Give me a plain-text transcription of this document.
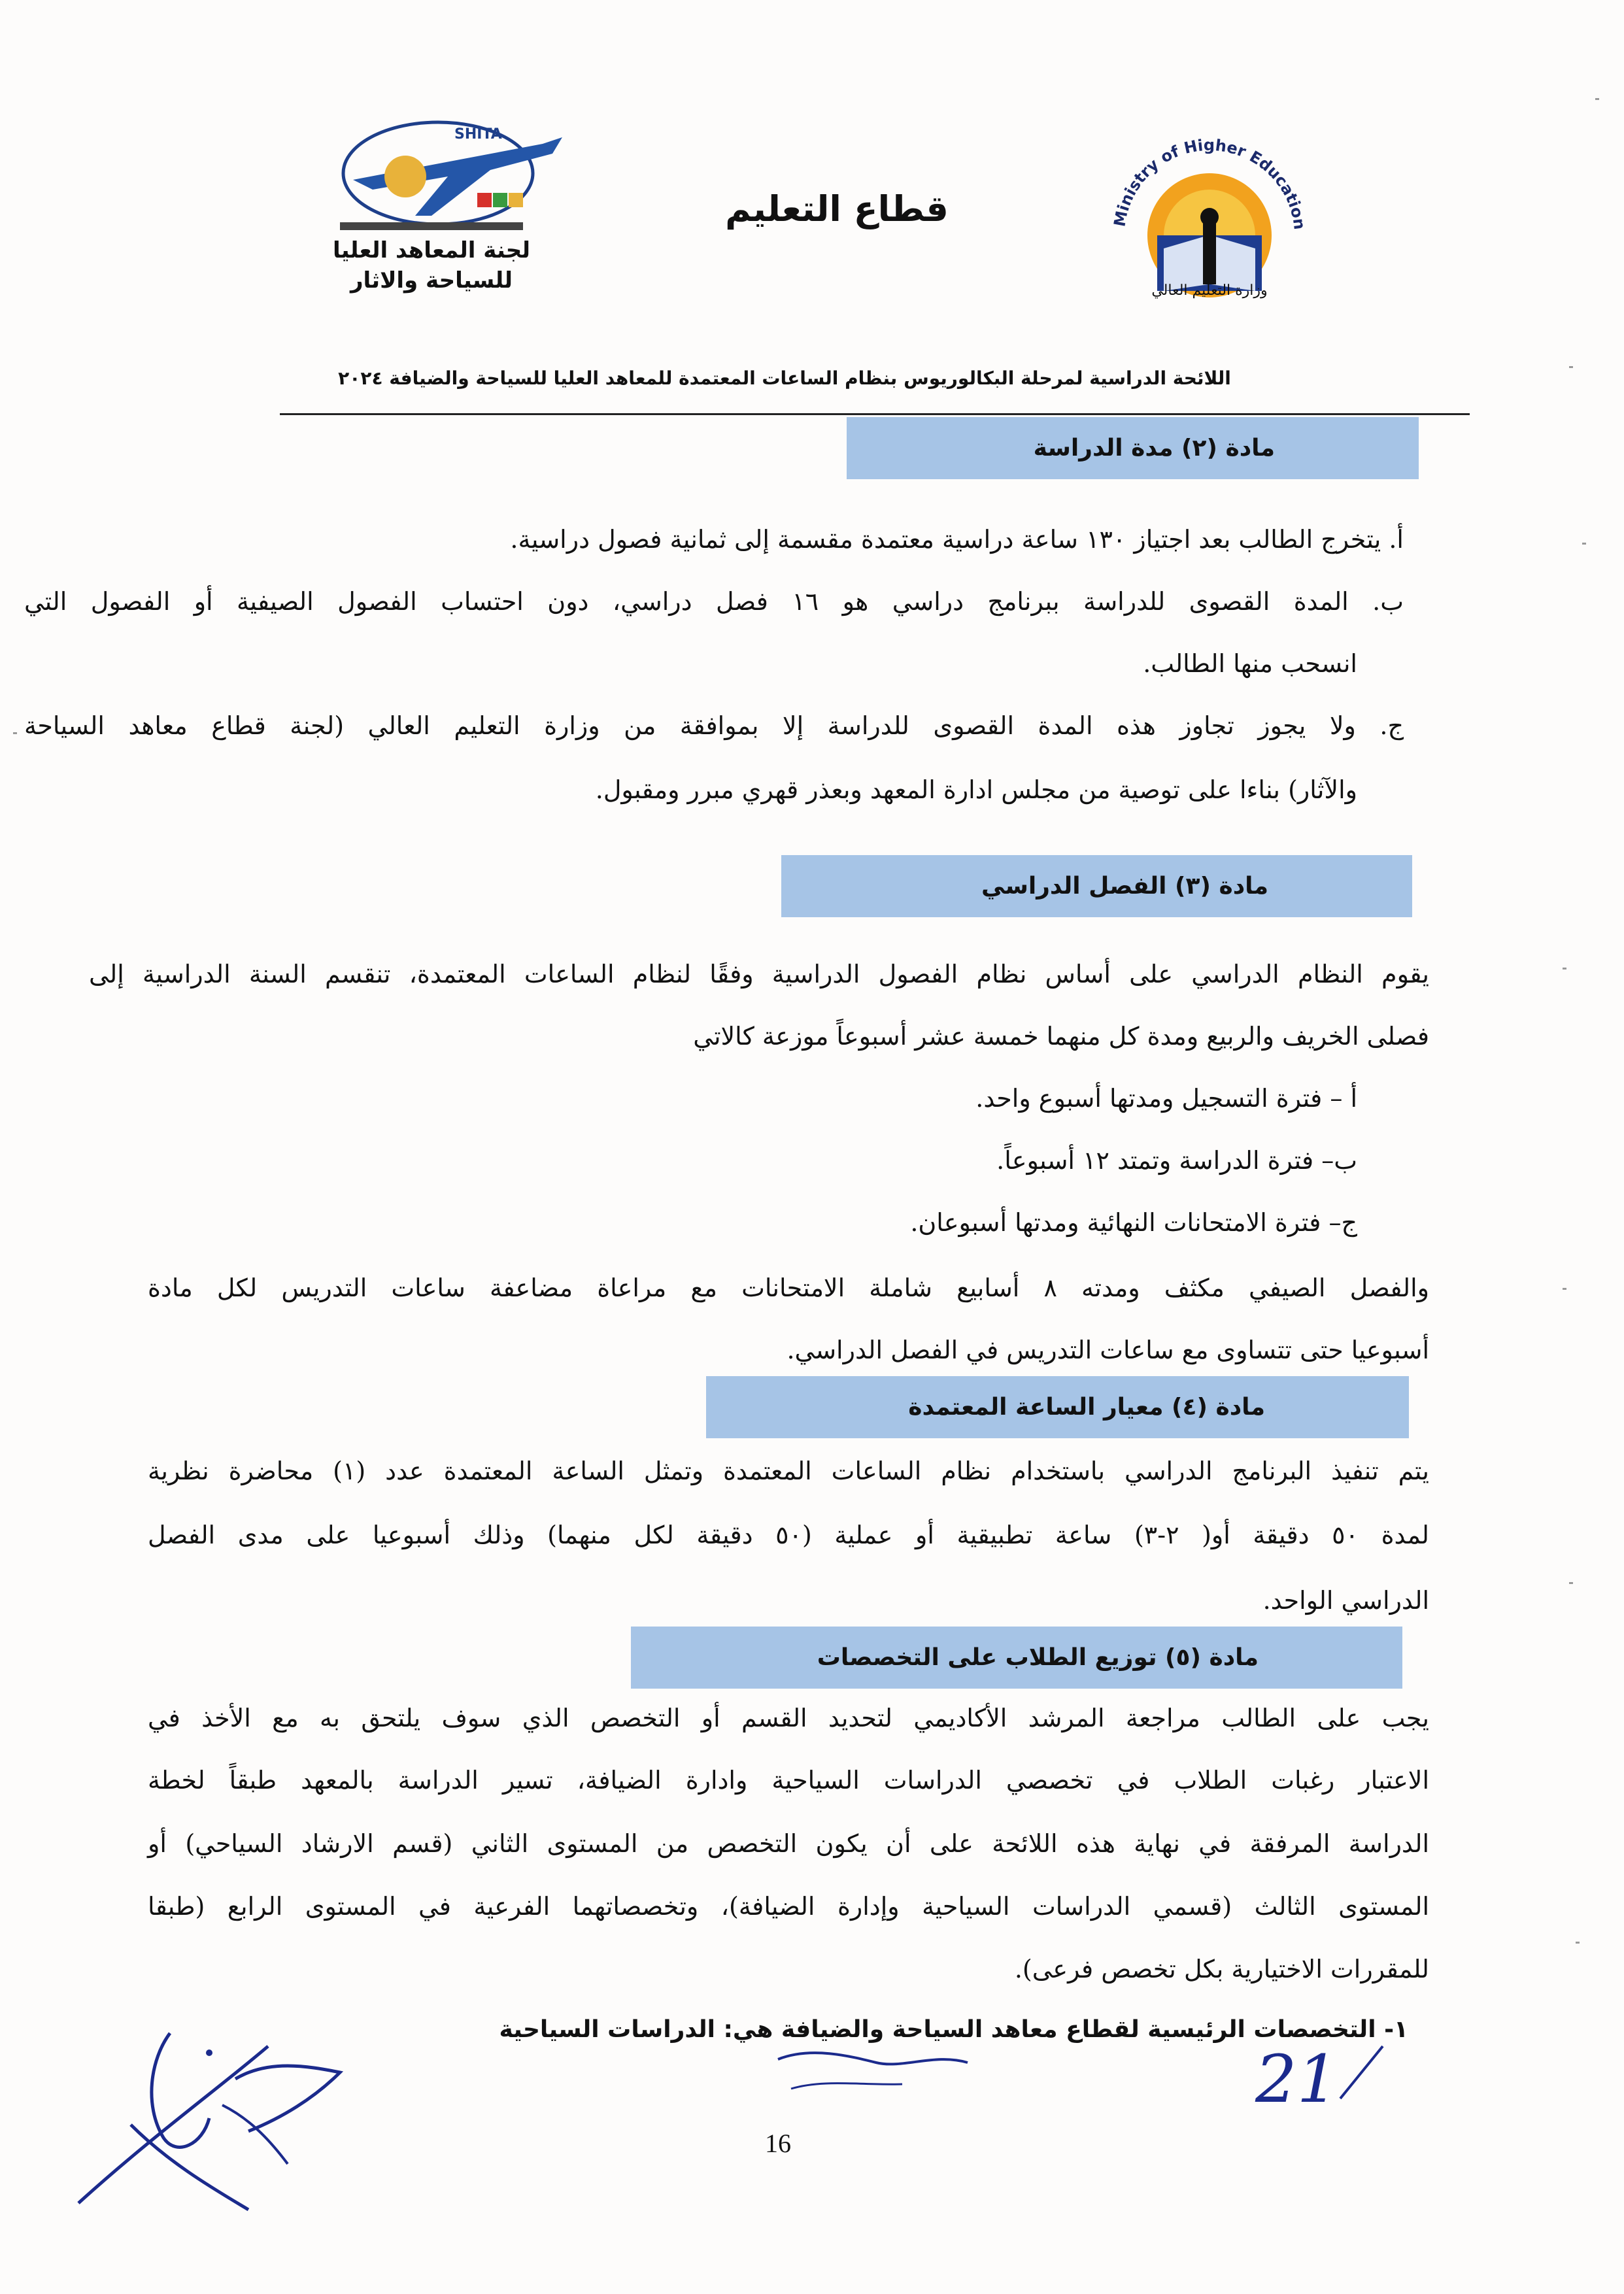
Ministry of Higher Education
وزارة التعليم العالي
قطاع التعليم
SHITA
لجنة المعاهد العليا
للسياحة والاثار
اللائحة الدراسية لمرحلة البكالوريوس بنظام الساعات المعتمدة للمعاهد العليا للسياحة والضيافة ٢٠٢٤
مادة (٢) مدة الدراسة
أ. يتخرج الطالب بعد اجتياز ١٣٠ ساعة دراسية معتمدة مقسمة إلى ثمانية فصول دراسية.
ب. المدة القصوى للدراسة ببرنامج دراسي هو ١٦ فصل دراسي، دون احتساب الفصول الصيفية أو الفصول التي
انسحب منها الطالب.
ج. ولا يجوز تجاوز هذه المدة القصوى للدراسة إلا بموافقة من وزارة التعليم العالي (لجنة قطاع معاهد السياحة
والآثار) بناءا على توصية من مجلس ادارة المعهد وبعذر قهري مبرر ومقبول.
مادة (٣) الفصل الدراسي
يقوم النظام الدراسي على أساس نظام الفصول الدراسية وفقًا لنظام الساعات المعتمدة، تنقسم السنة الدراسية إلى
فصلى الخريف والربيع ومدة كل منهما خمسة عشر أسبوعاً موزعة كالاتي
أ – فترة التسجيل ومدتها أسبوع واحد.
ب– فترة الدراسة وتمتد ١٢ أسبوعاً.
ج– فترة الامتحانات النهائية ومدتها أسبوعان.
والفصل الصيفي مكثف ومدته ٨ أسابيع شاملة الامتحانات مع مراعاة مضاعفة ساعات التدريس لكل مادة
أسبوعيا حتى تتساوى مع ساعات التدريس في الفصل الدراسي.
مادة (٤) معيار الساعة المعتمدة
يتم تنفيذ البرنامج الدراسي باستخدام نظام الساعات المعتمدة وتمثل الساعة المعتمدة عدد (١) محاضرة نظرية
لمدة ٥٠ دقيقة أو( ٢-٣) ساعة تطبيقية أو عملية (٥٠ دقيقة لكل منهما) وذلك أسبوعيا على مدى الفصل
الدراسي الواحد.
مادة (٥) توزيع الطلاب على التخصصات
يجب على الطالب مراجعة المرشد الأكاديمي لتحديد القسم أو التخصص الذي سوف يلتحق به مع الأخذ في
الاعتبار رغبات الطلاب في تخصصي الدراسات السياحية وادارة الضيافة، تسير الدراسة بالمعهد طبقاً لخطة
الدراسة المرفقة في نهاية هذه اللائحة على أن يكون التخصص من المستوى الثاني (قسم الارشاد السياحي) أو
المستوى الثالث (قسمي الدراسات السياحية وإدارة الضيافة)، وتخصصاتهما الفرعية في المستوى الرابع (طبقا
للمقررات الاختيارية بكل تخصص فرعى).
١- التخصصات الرئيسية لقطاع معاهد السياحة والضيافة هي: الدراسات السياحية
21
16
